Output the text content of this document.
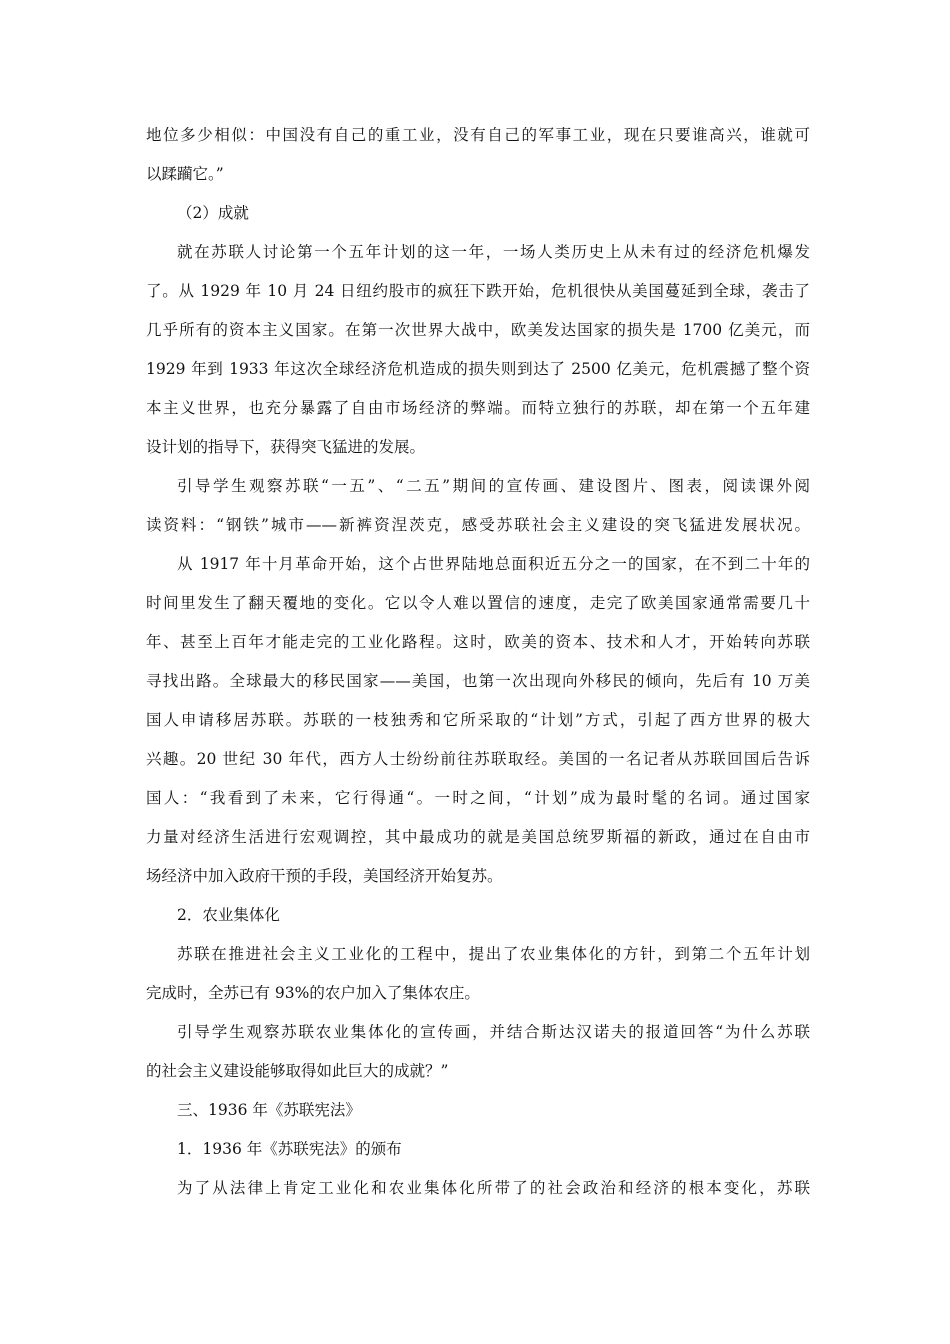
地位多少相似：中国没有自己的重工业，没有自己的军事工业，现在只要谁高兴，谁就可
以蹂躏它。”
（2）成就
就在苏联人讨论第一个五年计划的这一年，一场人类历史上从未有过的经济危机爆发
了。从 1929 年 10 月 24 日纽约股市的疯狂下跌开始，危机很快从美国蔓延到全球，袭击了
几乎所有的资本主义国家。在第一次世界大战中，欧美发达国家的损失是 1700 亿美元，而
1929 年到 1933 年这次全球经济危机造成的损失则到达了 2500 亿美元，危机震撼了整个资
本主义世界，也充分暴露了自由市场经济的弊端。而特立独行的苏联，却在第一个五年建
设计划的指导下，获得突飞猛进的发展。
引导学生观察苏联“一五”、“二五”期间的宣传画、建设图片、图表，阅读课外阅
读资料：“钢铁”城市——新裤资涅茨克，感受苏联社会主义建设的突飞猛进发展状况。
从 1917 年十月革命开始，这个占世界陆地总面积近五分之一的国家，在不到二十年的
时间里发生了翻天覆地的变化。它以令人难以置信的速度，走完了欧美国家通常需要几十
年、甚至上百年才能走完的工业化路程。这时，欧美的资本、技术和人才，开始转向苏联
寻找出路。全球最大的移民国家——美国，也第一次出现向外移民的倾向，先后有 10 万美
国人申请移居苏联。苏联的一枝独秀和它所采取的“计划”方式，引起了西方世界的极大
兴趣。20 世纪 30 年代，西方人士纷纷前往苏联取经。美国的一名记者从苏联回国后告诉
国人：“我看到了未来，它行得通“。一时之间，“计划”成为最时髦的名词。通过国家
力量对经济生活进行宏观调控，其中最成功的就是美国总统罗斯福的新政，通过在自由市
场经济中加入政府干预的手段，美国经济开始复苏。
2．农业集体化
苏联在推进社会主义工业化的工程中，提出了农业集体化的方针，到第二个五年计划
完成时，全苏已有 93%的农户加入了集体农庄。
引导学生观察苏联农业集体化的宣传画，并结合斯达汉诺夫的报道回答“为什么苏联
的社会主义建设能够取得如此巨大的成就？”
三、1936 年《苏联宪法》
1．1936 年《苏联宪法》的颁布
为了从法律上肯定工业化和农业集体化所带了的社会政治和经济的根本变化，苏联
